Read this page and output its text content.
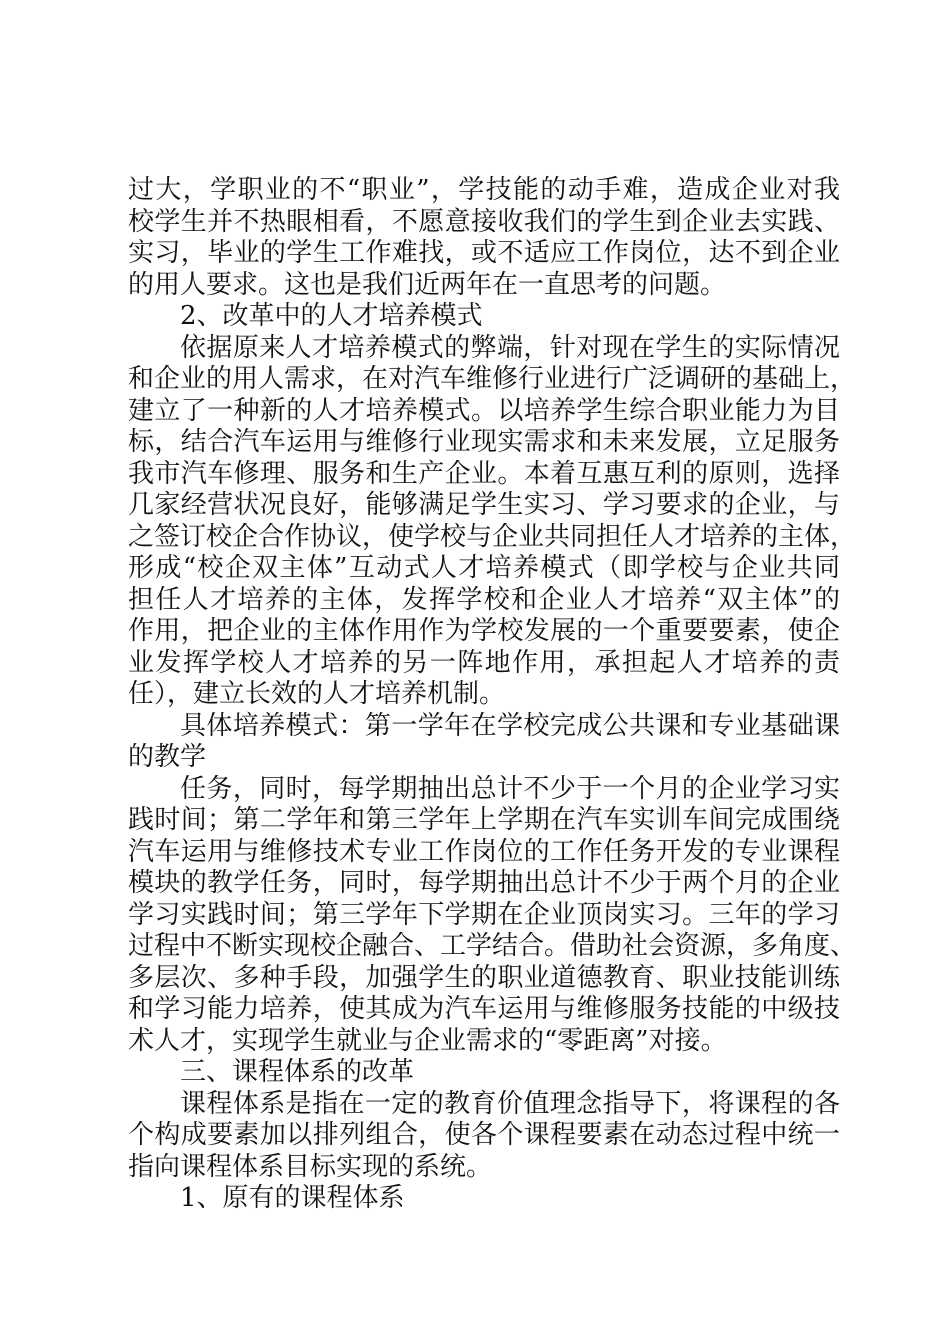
过大，学职业的不“职业”，学技能的动手难，造成企业对我
校学生并不热眼相看，不愿意接收我们的学生到企业去实践、
实习，毕业的学生工作难找，或不适应工作岗位，达不到企业
的用人要求。这也是我们近两年在一直思考的问题。
2、改革中的人才培养模式
依据原来人才培养模式的弊端，针对现在学生的实际情况
和企业的用人需求，在对汽车维修行业进行广泛调研的基础上，
建立了一种新的人才培养模式。以培养学生综合职业能力为目
标，结合汽车运用与维修行业现实需求和未来发展，立足服务
我市汽车修理、服务和生产企业。本着互惠互利的原则，选择
几家经营状况良好，能够满足学生实习、学习要求的企业，与
之签订校企合作协议，使学校与企业共同担任人才培养的主体，
形成“校企双主体”互动式人才培养模式（即学校与企业共同
担任人才培养的主体，发挥学校和企业人才培养“双主体”的
作用，把企业的主体作用作为学校发展的一个重要要素，使企
业发挥学校人才培养的另一阵地作用，承担起人才培养的责
任），建立长效的人才培养机制。
具体培养模式：第一学年在学校完成公共课和专业基础课
的教学
任务，同时，每学期抽出总计不少于一个月的企业学习实
践时间；第二学年和第三学年上学期在汽车实训车间完成围绕
汽车运用与维修技术专业工作岗位的工作任务开发的专业课程
模块的教学任务，同时，每学期抽出总计不少于两个月的企业
学习实践时间；第三学年下学期在企业顶岗实习。三年的学习
过程中不断实现校企融合、工学结合。借助社会资源，多角度、
多层次、多种手段，加强学生的职业道德教育、职业技能训练
和学习能力培养，使其成为汽车运用与维修服务技能的中级技
术人才，实现学生就业与企业需求的“零距离”对接。
三、课程体系的改革
课程体系是指在一定的教育价值理念指导下，将课程的各
个构成要素加以排列组合，使各个课程要素在动态过程中统一
指向课程体系目标实现的系统。
1、原有的课程体系
